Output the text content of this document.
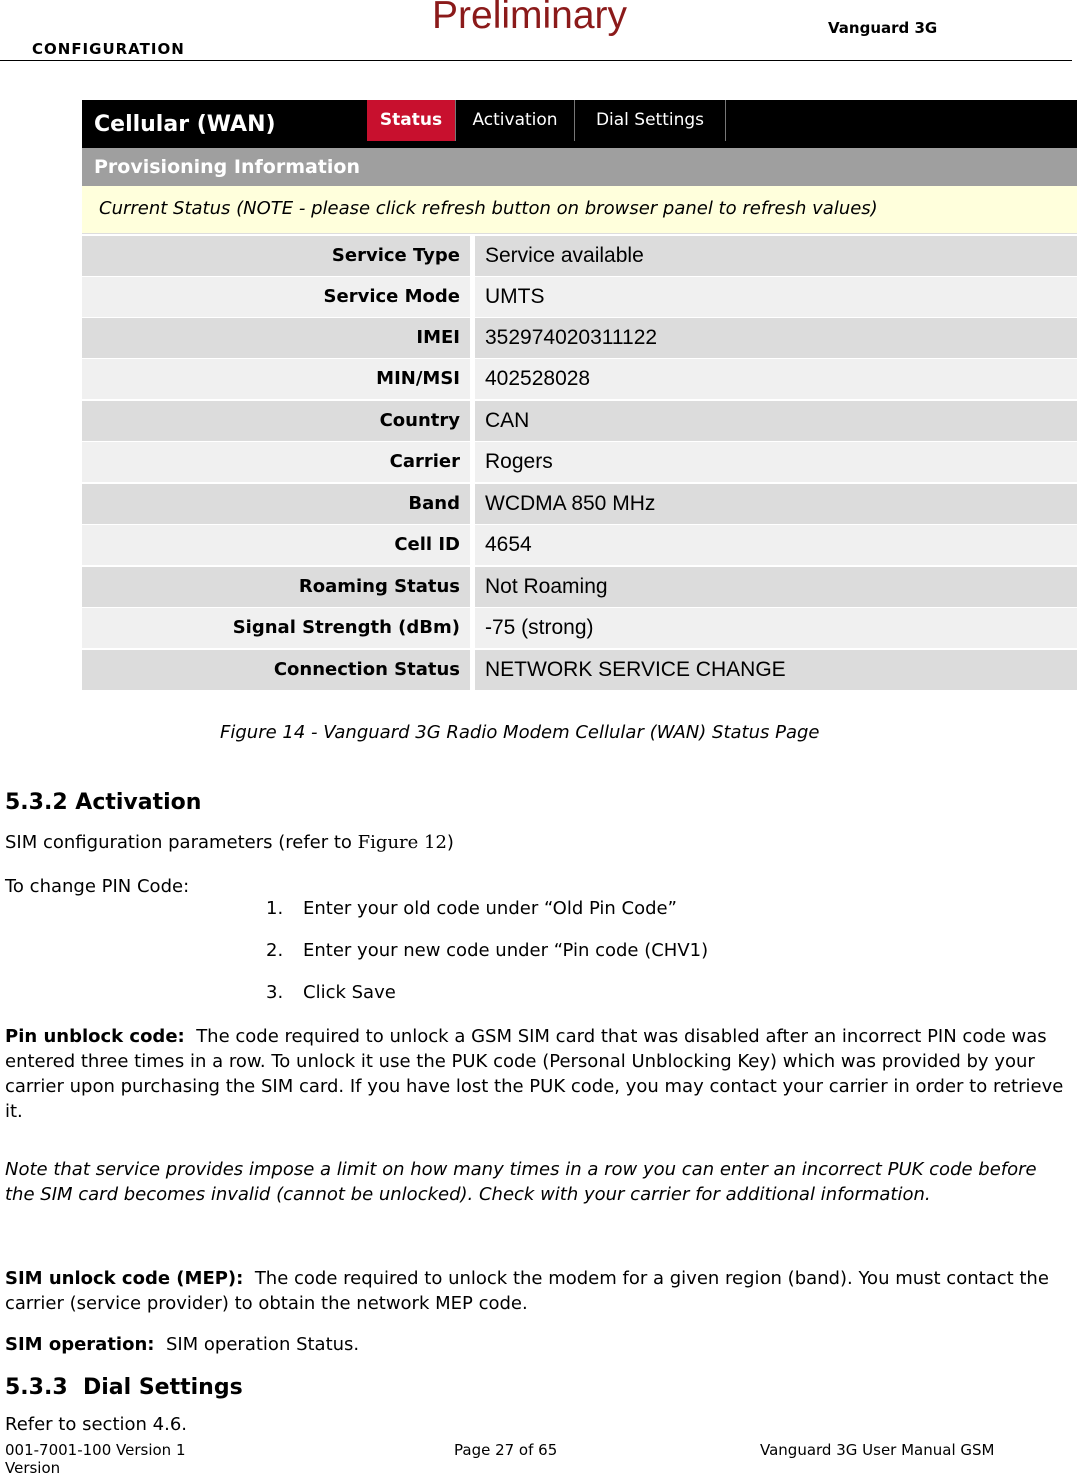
CONFIGURATION
Preliminary	Vanguard 3G
Cellular (WAN)	Status	Activation	Dial Settings
Provisioning Information
Current Status (NOTE - please click refresh button on browser panel to refresh values)
Service Type	Service available
Service Mode	UMTS
IMEI	352974020311122
MIN/MSI	402528028
Country	CAN
Carrier	Rogers
Band	WCDMA 850 MHz
Cell ID	4654
Roaming Status	Not Roaming
Signal Strength (dBm)	-75 (strong)
Connection Status	NETWORK SERVICE CHANGE
Figure 14 - Vanguard 3G Radio Modem Cellular (WAN) Status Page
5.3.2 Activation
SIM configuration parameters (refer to Figure 12)
To change PIN Code:
1. Enter your old code under “Old Pin Code”
2. Enter your new code under “Pin code (CHV1)
3. Click Save
Pin unblock code: The code required to unlock a GSM SIM card that was disabled after an incorrect PIN code was entered three times in a row. To unlock it use the PUK code (Personal Unblocking Key) which was provided by your carrier upon purchasing the SIM card. If you have lost the PUK code, you may contact your carrier in order to retrieve it.
Note that service provides impose a limit on how many times in a row you can enter an incorrect PUK code before the SIM card becomes invalid (cannot be unlocked). Check with your carrier for additional information.
SIM unlock code (MEP): The code required to unlock the modem for a given region (band). You must contact the carrier (service provider) to obtain the network MEP code.
SIM operation: SIM operation Status.
5.3.3 Dial Settings
Refer to section 4.6.
001-7001-100 Version 1	Page 27 of 65	Vanguard 3G User Manual GSM
Version
